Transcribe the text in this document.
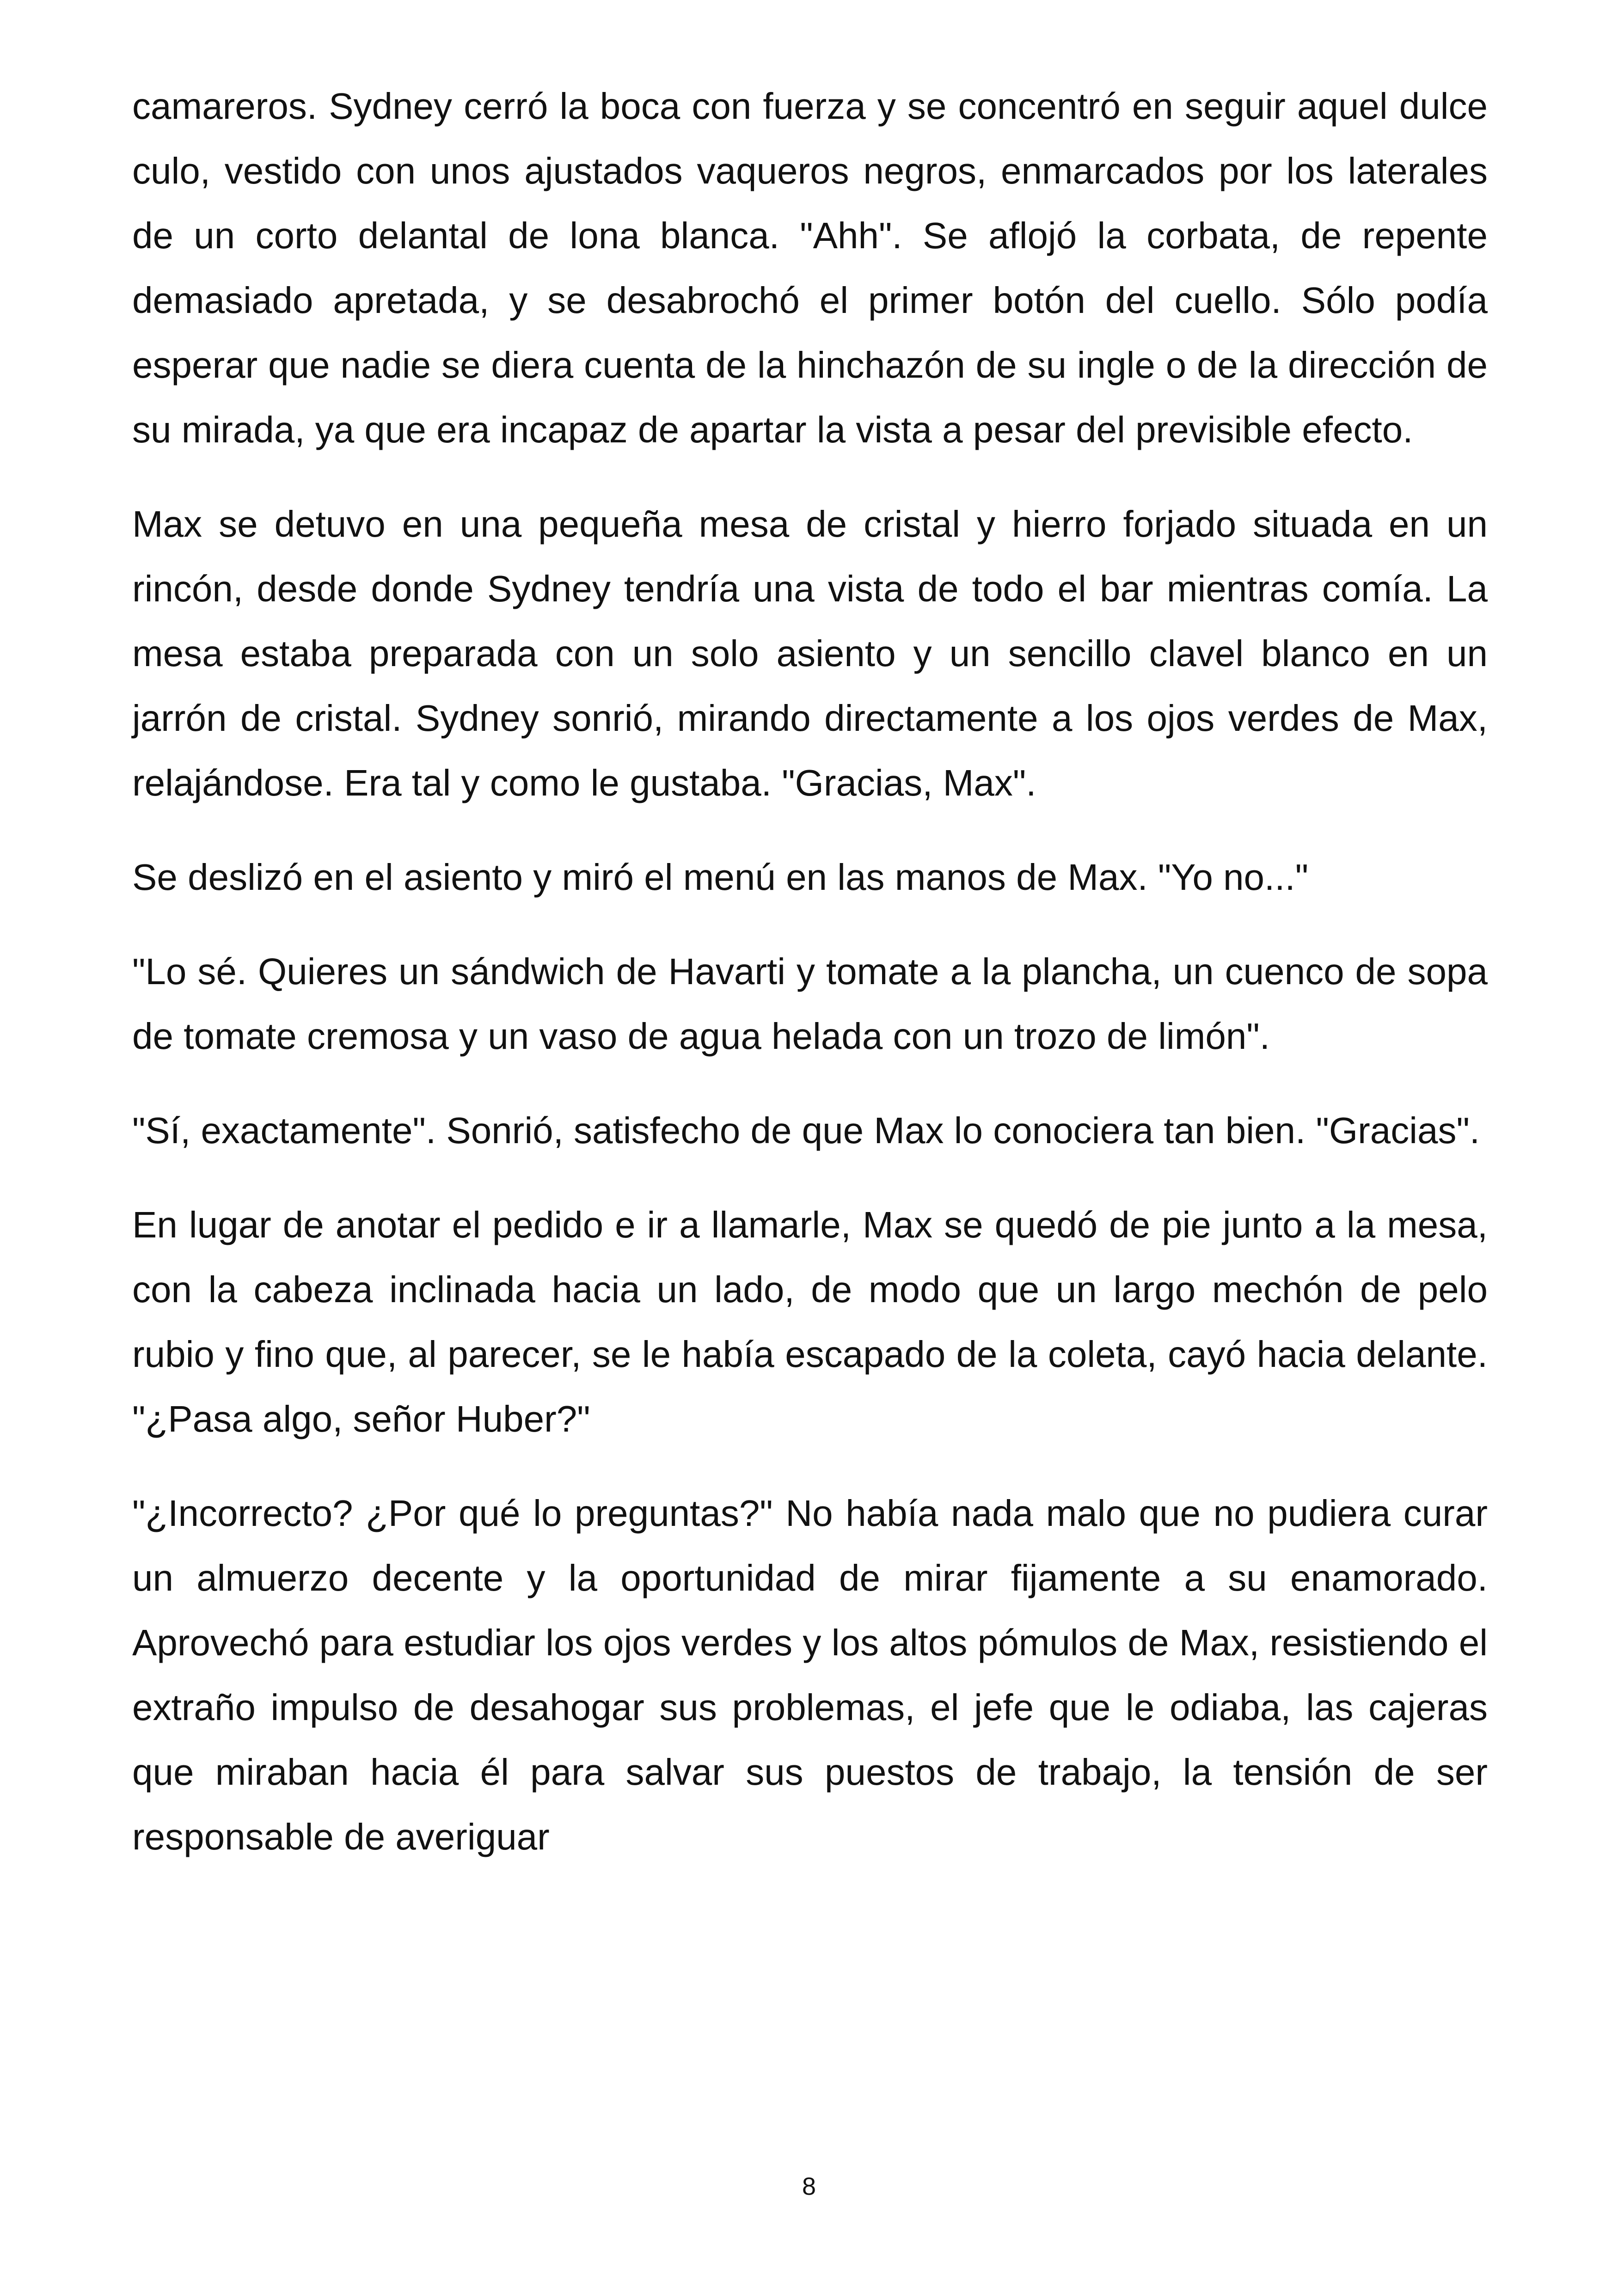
camareros. Sydney cerró la boca con fuerza y se concentró en seguir aquel dulce culo, vestido con unos ajustados vaqueros negros, enmarcados por los laterales de un corto delantal de lona blanca. "Ahh". Se aflojó la corbata, de repente demasiado apretada, y se desabrochó el primer botón del cuello. Sólo podía esperar que nadie se diera cuenta de la hinchazón de su ingle o de la dirección de su mirada, ya que era incapaz de apartar la vista a pesar del previsible efecto.

Max se detuvo en una pequeña mesa de cristal y hierro forjado situada en un rincón, desde donde Sydney tendría una vista de todo el bar mientras comía. La mesa estaba preparada con un solo asiento y un sencillo clavel blanco en un jarrón de cristal. Sydney sonrió, mirando directamente a los ojos verdes de Max, relajándose. Era tal y como le gustaba. "Gracias, Max".

Se deslizó en el asiento y miró el menú en las manos de Max. "Yo no..."

"Lo sé. Quieres un sándwich de Havarti y tomate a la plancha, un cuenco de sopa de tomate cremosa y un vaso de agua helada con un trozo de limón".

"Sí, exactamente". Sonrió, satisfecho de que Max lo conociera tan bien. "Gracias".

En lugar de anotar el pedido e ir a llamarle, Max se quedó de pie junto a la mesa, con la cabeza inclinada hacia un lado, de modo que un largo mechón de pelo rubio y fino que, al parecer, se le había escapado de la coleta, cayó hacia delante. "¿Pasa algo, señor Huber?"

"¿Incorrecto? ¿Por qué lo preguntas?" No había nada malo que no pudiera curar un almuerzo decente y la oportunidad de mirar fijamente a su enamorado. Aprovechó para estudiar los ojos verdes y los altos pómulos de Max, resistiendo el extraño impulso de desahogar sus problemas, el jefe que le odiaba, las cajeras que miraban hacia él para salvar sus puestos de trabajo, la tensión de ser responsable de averiguar

8
